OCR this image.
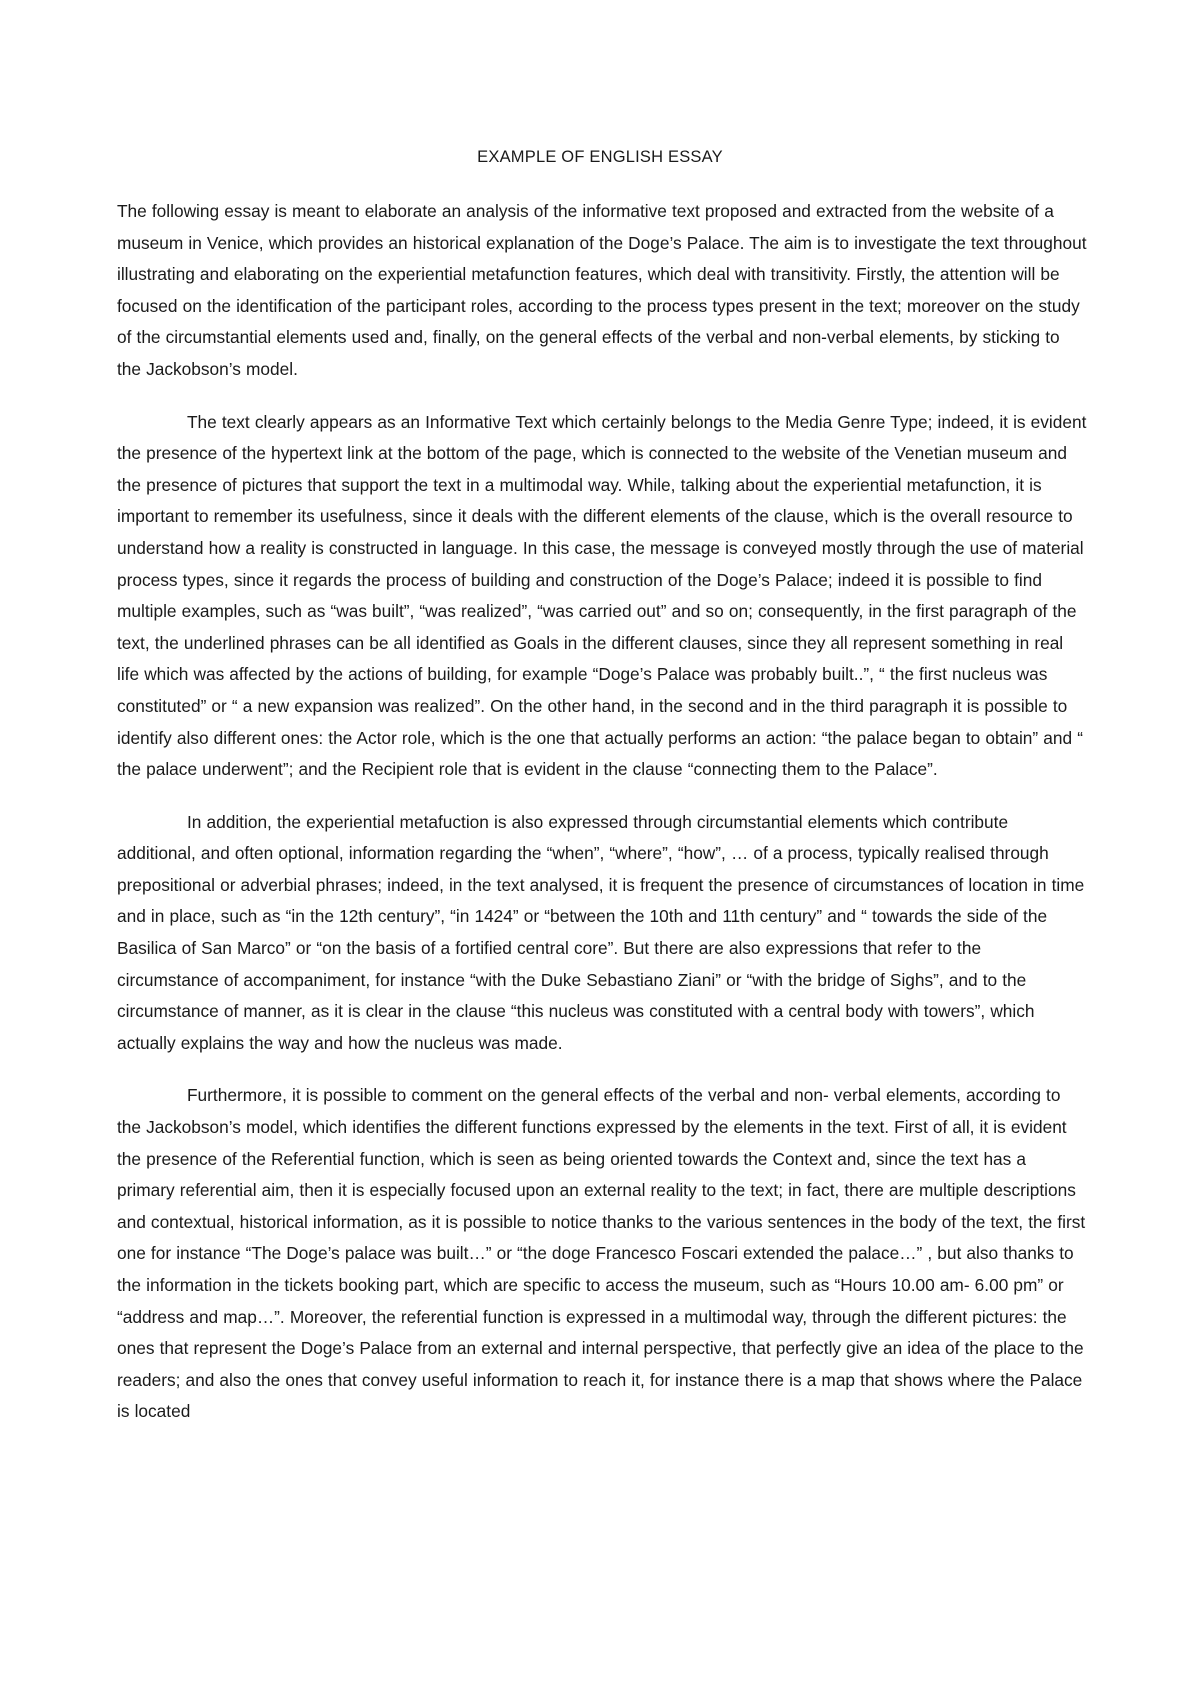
EXAMPLE OF ENGLISH ESSAY

The following essay is meant to elaborate an analysis of the informative text proposed and extracted from the website of a museum in Venice, which provides an historical explanation of the Doge’s Palace. The aim is to investigate the text throughout illustrating and elaborating on the experiential metafunction features, which deal with transitivity. Firstly, the attention will be focused on the identification of the participant roles, according to the process types present in the text; moreover on the study of the circumstantial elements used and, finally, on the general effects of the verbal and non-verbal elements, by sticking to the Jackobson’s model.

The text clearly appears as an Informative Text which certainly belongs to the Media Genre Type; indeed, it is evident the presence of the hypertext link at the bottom of the page, which is connected to the website of the Venetian museum and the presence of pictures that support the text in a multimodal way. While, talking about the experiential metafunction, it is important to remember its usefulness, since it deals with the different elements of the clause, which is the overall resource to understand how a reality is constructed in language. In this case, the message is conveyed mostly through the use of material process types, since it regards the process of building and construction of the Doge’s Palace; indeed it is possible to find multiple examples, such as “was built”, “was realized”, “was carried out” and so on; consequently, in the first paragraph of the text, the underlined phrases can be all identified as Goals in the different clauses, since they all represent something in real life which was affected by the actions of building, for example “Doge’s Palace was probably built..”, “ the first nucleus was constituted” or “ a new expansion was realized”. On the other hand, in the second and in the third paragraph it is possible to identify also different ones: the Actor role, which is the one that actually performs an action: “the palace began to obtain” and “ the palace underwent”; and the Recipient role that is evident in the clause “connecting them to the Palace”.

In addition, the experiential metafuction is also expressed through circumstantial elements which contribute additional, and often optional, information regarding the “when”, “where”, “how”, … of a process, typically realised through prepositional or adverbial phrases; indeed, in the text analysed, it is frequent the presence of circumstances of location in time and in place, such as “in the 12th century”, “in 1424” or “between the 10th and 11th century” and “ towards the side of the Basilica of San Marco” or “on the basis of a fortified central core”. But there are also expressions that refer to the circumstance of accompaniment, for instance “with the Duke Sebastiano Ziani” or “with the bridge of Sighs”, and to the circumstance of manner, as it is clear in the clause “this nucleus was constituted with a central body with towers”, which actually explains the way and how the nucleus was made.

Furthermore, it is possible to comment on the general effects of the verbal and non- verbal elements, according to the Jackobson’s model, which identifies the different functions expressed by the elements in the text. First of all, it is evident the presence of the Referential function, which is seen as being oriented towards the Context and, since the text has a primary referential aim, then it is especially focused upon an external reality to the text; in fact, there are multiple descriptions and contextual, historical information, as it is possible to notice thanks to the various sentences in the body of the text, the first one for instance “The Doge’s palace was built…” or “the doge Francesco Foscari extended the palace…” , but also thanks to the information in the tickets booking part, which are specific to access the museum, such as “Hours 10.00 am- 6.00 pm” or “address and map…”. Moreover, the referential function is expressed in a multimodal way, through the different pictures: the ones that represent the Doge’s Palace from an external and internal perspective, that perfectly give an idea of the place to the readers; and also the ones that convey useful information to reach it, for instance there is a map that shows where the Palace is located
